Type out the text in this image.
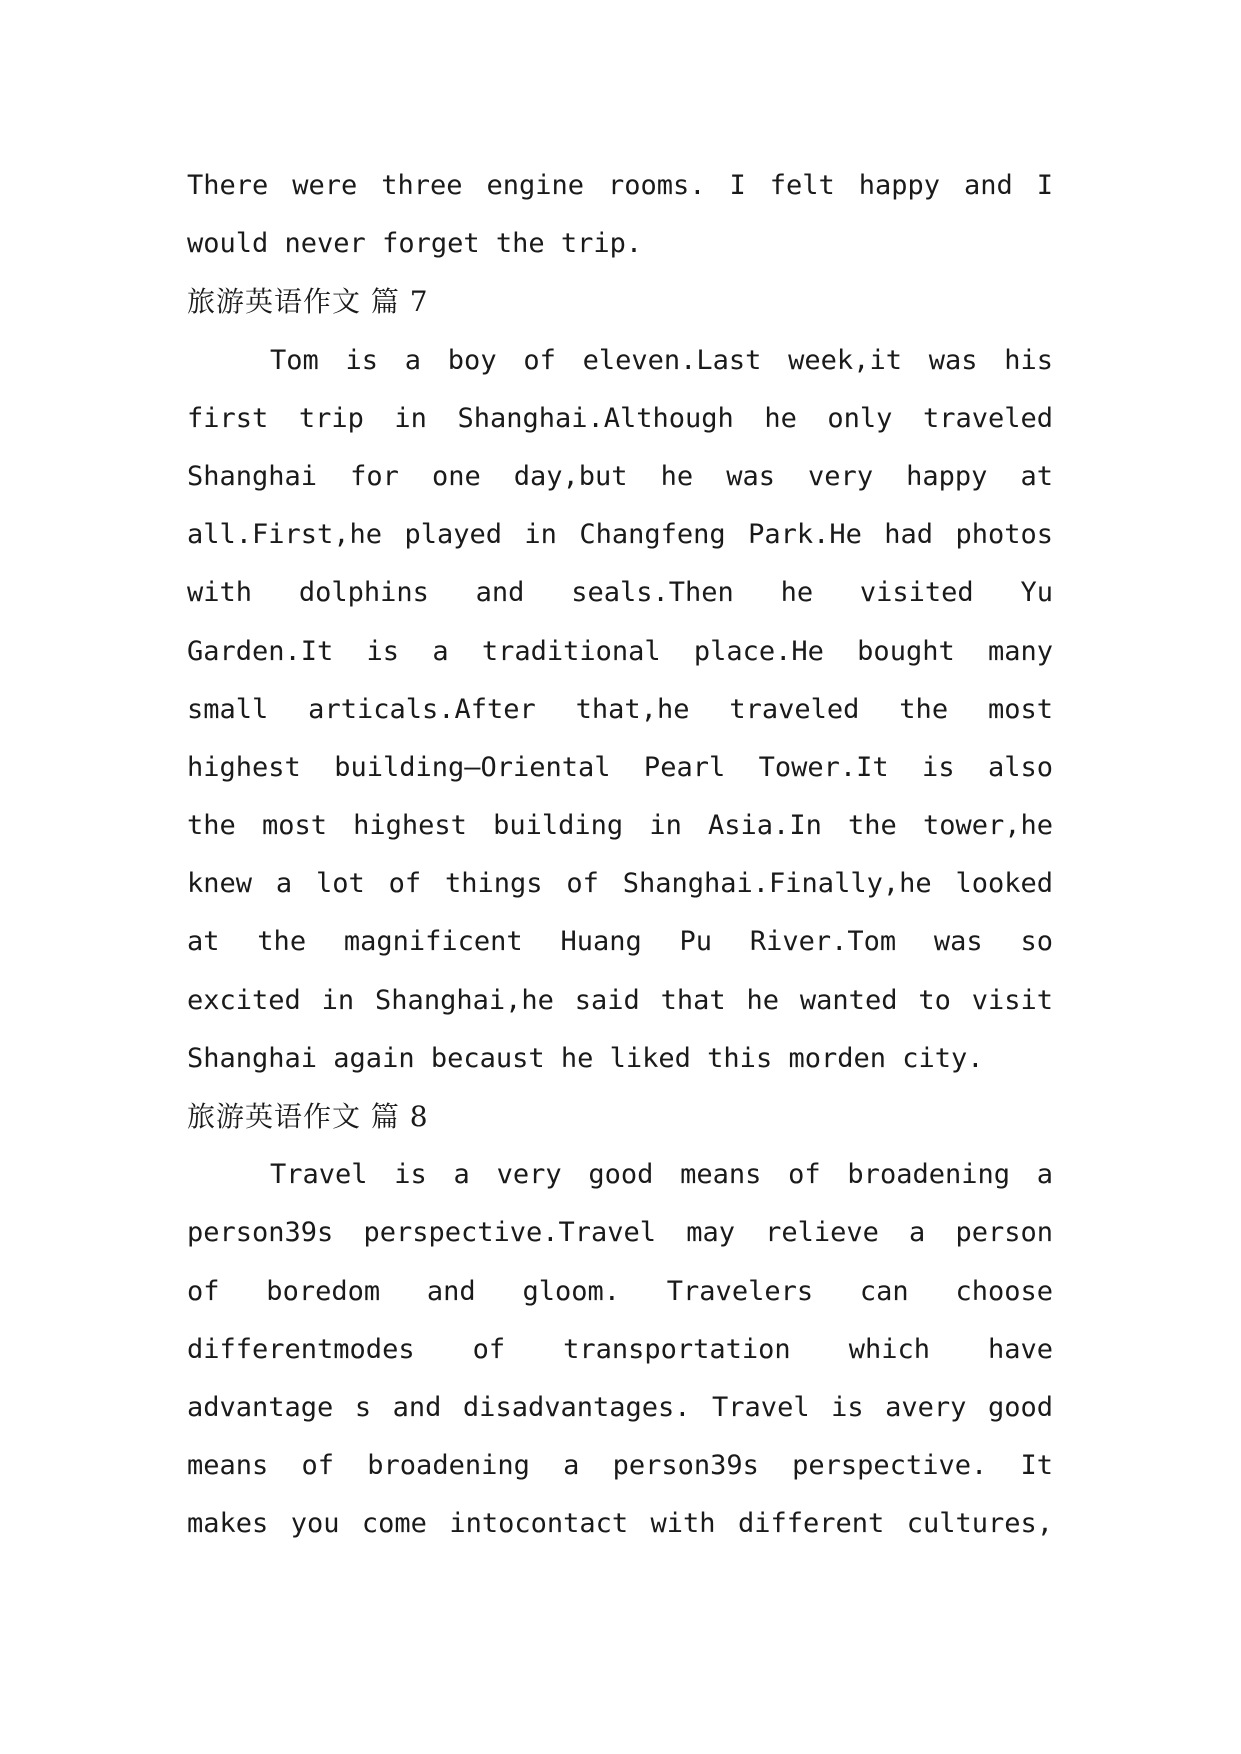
There were three engine rooms. I felt happy and I
would never forget the trip.
旅游英语作文 篇 7
Tom is a boy of eleven.Last week,it was his
first trip in Shanghai.Although he only traveled
Shanghai for one day,but he was very happy at
all.First,he played in Changfeng Park.He had photos
with dolphins and seals.Then he visited Yu
Garden.It is a traditional place.He bought many
small articals.After that,he traveled the most
highest building—Oriental Pearl Tower.It is also
the most highest building in Asia.In the tower,he
knew a lot of things of Shanghai.Finally,he looked
at the magnificent Huang Pu River.Tom was so
excited in Shanghai,he said that he wanted to visit
Shanghai again becaust he liked this morden city.
旅游英语作文 篇 8
Travel is a very good means of broadening a
person39s perspective.Travel may relieve a person
of boredom and gloom. Travelers can choose
differentmodes of transportation which have
advantage s and disadvantages. Travel is avery good
means of broadening a person39s perspective. It
makes you come intocontact with different cultures,
